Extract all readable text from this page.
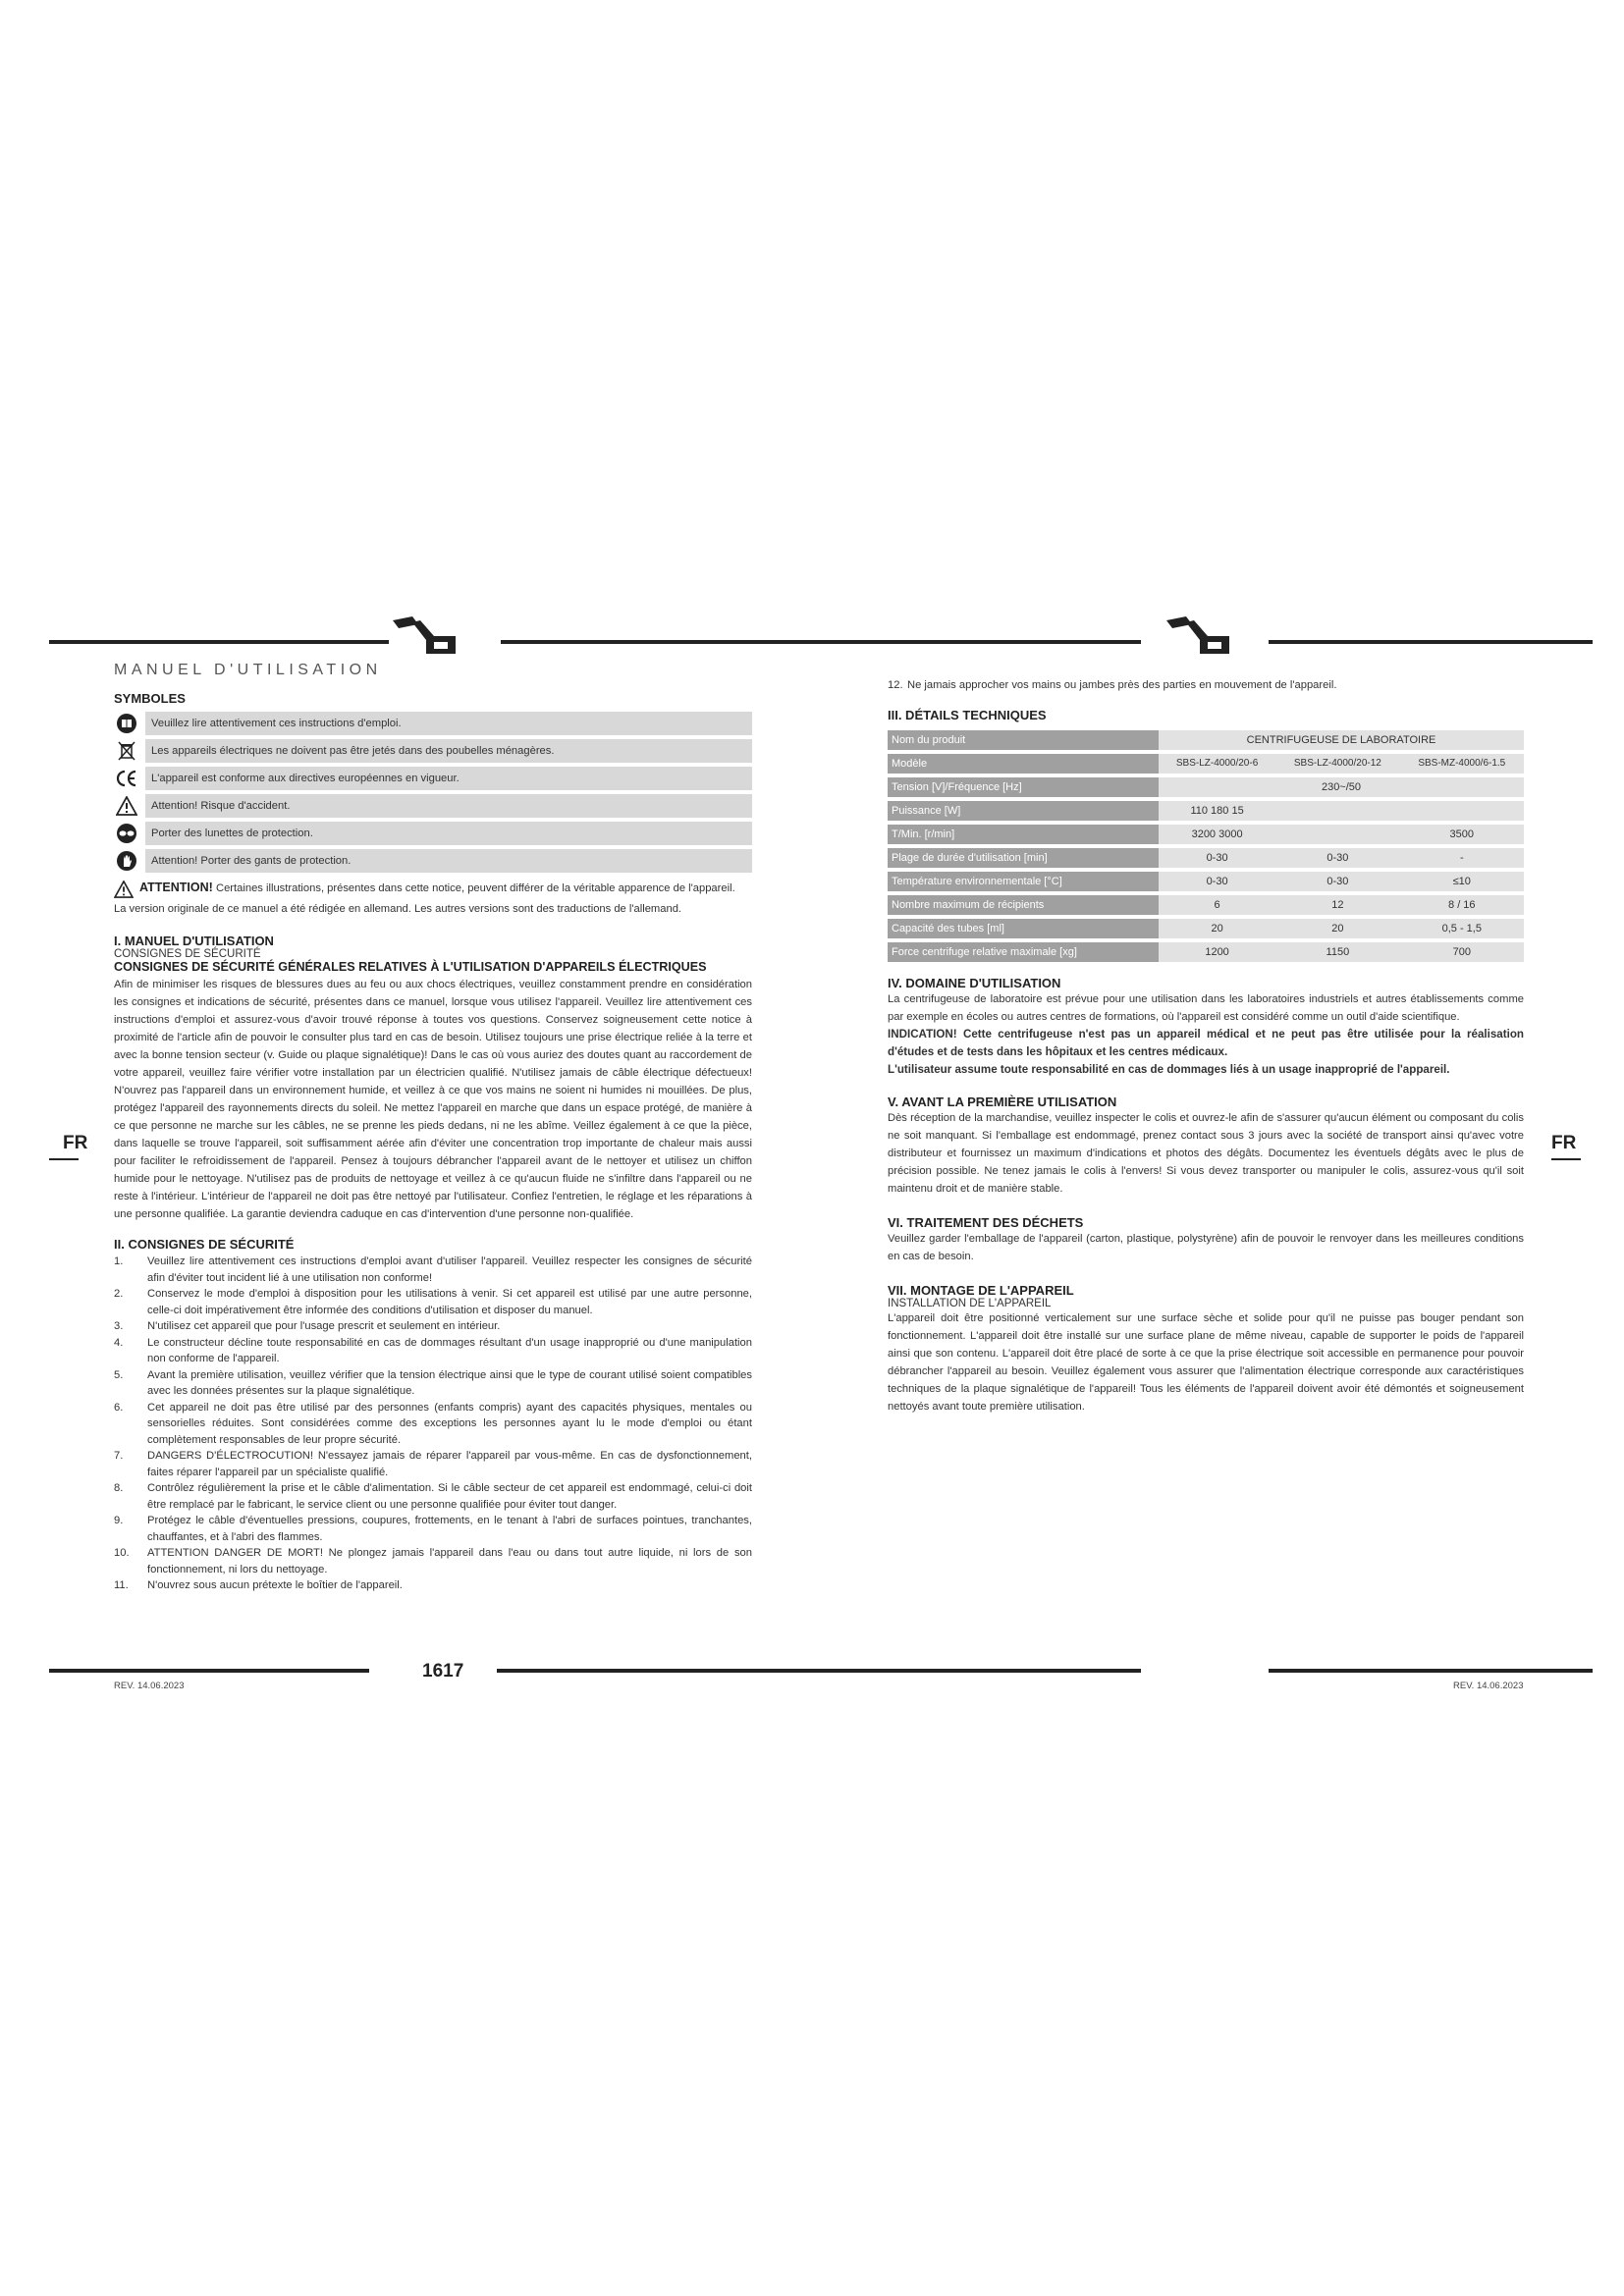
FR	FR
MANUEL D'UTILISATION
SYMBOLES
Veuillez lire attentivement ces instructions d'emploi.
Les appareils électriques ne doivent pas être jetés dans des poubelles ménagères.
L'appareil est conforme aux directives européennes en vigueur.
Attention! Risque d'accident.
Porter des lunettes de protection.
Attention! Porter des gants de protection.
ATTENTION! Certaines illustrations, présentes dans cette notice, peuvent différer de la véritable apparence de l'appareil.

La version originale de ce manuel a été rédigée en allemand. Les autres versions sont des traductions de l'allemand.

I. MANUEL D'UTILISATION
CONSIGNES DE SÉCURITÉ
CONSIGNES DE SÉCURITÉ GÉNÉRALES RELATIVES À L'UTILISATION D'APPAREILS ÉLECTRIQUES

Afin de minimiser les risques de blessures dues au feu ou aux chocs électriques, veuillez constamment prendre en considération les consignes et indications de sécurité, présentes dans ce manuel, lorsque vous utilisez l'appareil. Veuillez lire attentivement ces instructions d'emploi et assurez-vous d'avoir trouvé réponse à toutes vos questions. Conservez soigneusement cette notice à proximité de l'article afin de pouvoir le consulter plus tard en cas de besoin. Utilisez toujours une prise électrique reliée à la terre et avec la bonne tension secteur (v. Guide ou plaque signalétique)! Dans le cas où vous auriez des doutes quant au raccordement de votre appareil, veuillez faire vérifier votre installation par un électricien qualifié. N'utilisez jamais de câble électrique défectueux! N'ouvrez pas l'appareil dans un environnement humide, et veillez à ce que vos mains ne soient ni humides ni mouillées. De plus, protégez l'appareil des rayonnements directs du soleil. Ne mettez l'appareil en marche que dans un espace protégé, de manière à ce que personne ne marche sur les câbles, ne se prenne les pieds dedans, ni ne les abîme. Veillez également à ce que la pièce, dans laquelle se trouve l'appareil, soit suffisamment aérée afin d'éviter une concentration trop importante de chaleur mais aussi pour faciliter le refroidissement de l'appareil. Pensez à toujours débrancher l'appareil avant de le nettoyer et utilisez un chiffon humide pour le nettoyage. N'utilisez pas de produits de nettoyage et veillez à ce qu'aucun fluide ne s'infiltre dans l'appareil ou ne reste à l'intérieur. L'intérieur de l'appareil ne doit pas être nettoyé par l'utilisateur. Confiez l'entretien, le réglage et les réparations à une personne qualifiée. La garantie deviendra caduque en cas d'intervention d'une personne non-qualifiée.

II. CONSIGNES DE SÉCURITÉ
1.	Veuillez lire attentivement ces instructions d'emploi avant d'utiliser l'appareil. Veuillez respecter les consignes de sécurité afin d'éviter tout incident lié à une utilisation non conforme!
2.	Conservez le mode d'emploi à disposition pour les utilisations à venir. Si cet appareil est utilisé par une autre personne, celle-ci doit impérativement être informée des conditions d'utilisation et disposer du manuel.
3.	N'utilisez cet appareil que pour l'usage prescrit et seulement en intérieur.
4.	Le constructeur décline toute responsabilité en cas de dommages résultant d'un usage inapproprié ou d'une manipulation non conforme de l'appareil.
5.	Avant la première utilisation, veuillez vérifier que la tension électrique ainsi que le type de courant utilisé soient compatibles avec les données présentes sur la plaque signalétique.
6.	Cet appareil ne doit pas être utilisé par des personnes (enfants compris) ayant des capacités physiques, mentales ou sensorielles réduites. Sont considérées comme des exceptions les personnes ayant lu le mode d'emploi ou étant complètement responsables de leur propre sécurité.
7.	DANGERS D'ÉLECTROCUTION! N'essayez jamais de réparer l'appareil par vous-même. En cas de dysfonctionnement, faites réparer l'appareil par un spécialiste qualifié.
8.	Contrôlez régulièrement la prise et le câble d'alimentation. Si le câble secteur de cet appareil est endommagé, celui-ci doit être remplacé par le fabricant, le service client ou une personne qualifiée pour éviter tout danger.
9.	Protégez le câble d'éventuelles pressions, coupures, frottements, en le tenant à l'abri de surfaces pointues, tranchantes, chauffantes, et à l'abri des flammes.
10.	ATTENTION DANGER DE MORT! Ne plongez jamais l'appareil dans l'eau ou dans tout autre liquide, ni lors de son fonctionnement, ni lors du nettoyage.
11.	N'ouvrez sous aucun prétexte le boîtier de l'appareil.
12. Ne jamais approcher vos mains ou jambes près des parties en mouvement de l'appareil.
III. DÉTAILS TECHNIQUES
Nom du produit	CENTRIFUGEUSE DE LABORATOIRE		
Modèle	SBS-LZ-4000/20-6	SBS-LZ-4000/20-12	SBS-MZ-4000/6-1.5
Tension [V]/Fréquence [Hz]	230~/50		
Puissance [W]	110 180 15		
T/Min. [r/min]	3200 3000		3500
Plage de durée d'utilisation [min]	0-30	0-30	-
Température environnementale [°C]	0-30	0-30	≤10
Nombre maximum de récipients	6	12	8 / 16
Capacité des tubes [ml]	20	20	0,5 - 1,5
Force centrifuge relative maximale [xg]	1200	1150	700
IV. DOMAINE D'UTILISATION

La centrifugeuse de laboratoire est prévue pour une utilisation dans les laboratoires industriels et autres établissements comme par exemple en écoles ou autres centres de formations, où l'appareil est considéré comme un outil d'aide scientifique.

INDICATION! Cette centrifugeuse n'est pas un appareil médical et ne peut pas être utilisée pour la réalisation d'études et de tests dans les hôpitaux et les centres médicaux.

L'utilisateur assume toute responsabilité en cas de dommages liés à un usage inapproprié de l'appareil.

V. AVANT LA PREMIÈRE UTILISATION

Dès réception de la marchandise, veuillez inspecter le colis et ouvrez-le afin de s'assurer qu'aucun élément ou composant du colis ne soit manquant. Si l'emballage est endommagé, prenez contact sous 3 jours avec la société de transport ainsi qu'avec votre distributeur et fournissez un maximum d'indications et photos des dégâts. Documentez les éventuels dégâts avec le plus de précision possible. Ne tenez jamais le colis à l'envers! Si vous devez transporter ou manipuler le colis, assurez-vous qu'il soit maintenu droit et de manière stable.

VI. TRAITEMENT DES DÉCHETS

Veuillez garder l'emballage de l'appareil (carton, plastique, polystyrène) afin de pouvoir le renvoyer dans les meilleures conditions en cas de besoin.

VII. MONTAGE DE L'APPAREIL
INSTALLATION DE L'APPAREIL

L'appareil doit être positionné verticalement sur une surface sèche et solide pour qu'il ne puisse pas bouger pendant son fonctionnement. L'appareil doit être installé sur une surface plane de même niveau, capable de supporter le poids de l'appareil ainsi que son contenu. L'appareil doit être placé de sorte à ce que la prise électrique soit accessible en permanence pour pouvoir débrancher l'appareil au besoin. Veuillez également vous assurer que l'alimentation électrique corresponde aux caractéristiques techniques de la plaque signalétique de l'appareil! Tous les éléments de l'appareil doivent avoir été démontés et soigneusement nettoyés avant toute première utilisation.

1617
REV. 14.06.2023	REV. 14.06.2023
